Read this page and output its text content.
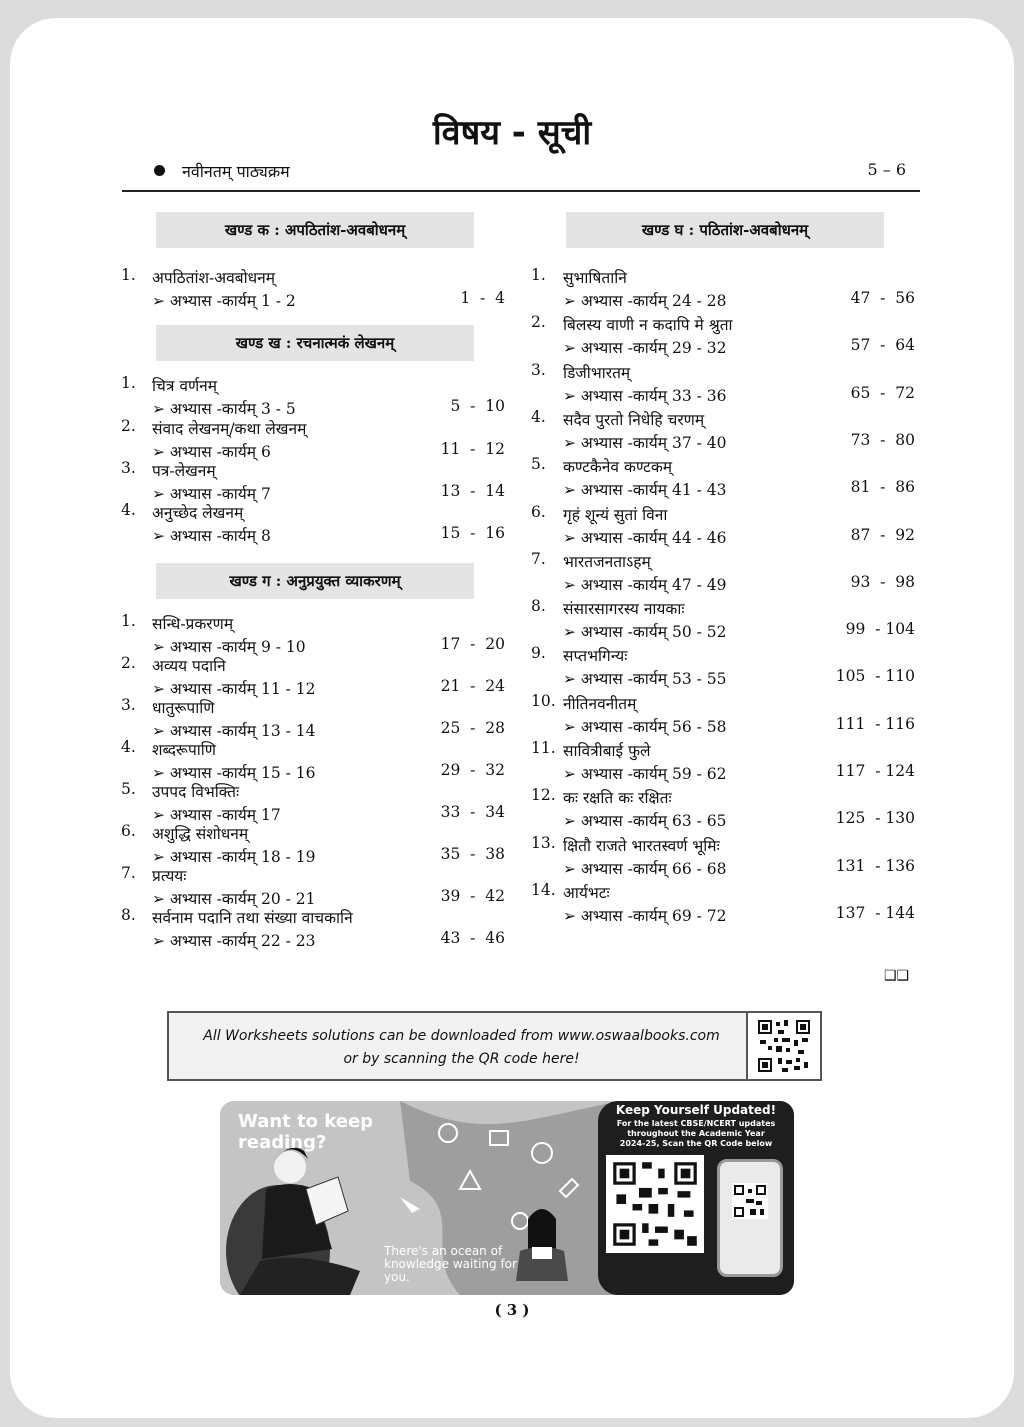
विषय - सूची
नवीनतम् पाठ्यक्रम	5 – 6
खण्ड क : अपठितांश-अवबोधनम्
1. अपठितांश-अवबोधनम्
➢ अभ्यास -कार्यम् 1 - 2	1  -  4
खण्ड ख : रचनात्मकं लेखनम्
1. चित्र वर्णनम्
➢ अभ्यास -कार्यम् 3 - 5	5  -  10
2. संवाद लेखनम्/कथा लेखनम्
➢ अभ्यास -कार्यम् 6	11  -  12
3. पत्र-लेखनम्
➢ अभ्यास -कार्यम् 7	13  -  14
4. अनुच्छेद लेखनम्
➢ अभ्यास -कार्यम् 8	15  -  16
खण्ड ग : अनुप्रयुक्त व्याकरणम्
1. सन्धि-प्रकरणम्
➢ अभ्यास -कार्यम् 9 - 10	17  -  20
2. अव्यय पदानि
➢ अभ्यास -कार्यम् 11 - 12	21  -  24
3. धातुरूपाणि
➢ अभ्यास -कार्यम् 13 - 14	25  -  28
4. शब्दरूपाणि
➢ अभ्यास -कार्यम् 15 - 16	29  -  32
5. उपपद विभक्तिः
➢ अभ्यास -कार्यम् 17	33  -  34
6. अशुद्धि संशोधनम्
➢ अभ्यास -कार्यम् 18 - 19	35  -  38
7. प्रत्ययः
➢ अभ्यास -कार्यम् 20 - 21	39  -  42
8. सर्वनाम पदानि तथा संख्या वाचकानि
➢ अभ्यास -कार्यम् 22 - 23	43  -  46
खण्ड घ : पठितांश-अवबोधनम्
1. सुभाषितानि
➢ अभ्यास -कार्यम् 24 - 28	47  -  56
2. बिलस्य वाणी न कदापि मे श्रुता
➢ अभ्यास -कार्यम् 29 - 32	57  -  64
3. डिजीभारतम्
➢ अभ्यास -कार्यम् 33 - 36	65  -  72
4. सदैव पुरतो निधेहि चरणम्
➢ अभ्यास -कार्यम् 37 - 40	73  -  80
5. कण्टकैनेव कण्टकम्
➢ अभ्यास -कार्यम् 41 - 43	81  -  86
6. गृहं शून्यं सुतां विना
➢ अभ्यास -कार्यम् 44 - 46	87  -  92
7. भारतजनताऽहम्
➢ अभ्यास -कार्यम् 47 - 49	93  -  98
8. संसारसागरस्य नायकाः
➢ अभ्यास -कार्यम् 50 - 52	99  - 104
9. सप्तभगिन्यः
➢ अभ्यास -कार्यम् 53 - 55	105  - 110
10. नीतिनवनीतम्
➢ अभ्यास -कार्यम् 56 - 58	111  - 116
11. सावित्रीबाई फुले
➢ अभ्यास -कार्यम् 59 - 62	117  - 124
12. कः रक्षति कः रक्षितः
➢ अभ्यास -कार्यम् 63 - 65	125  - 130
13. क्षितौ राजते भारतस्वर्ण भूमिः
➢ अभ्यास -कार्यम् 66 - 68	131  - 136
14. आर्यभटः
➢ अभ्यास -कार्यम् 69 - 72	137  - 144
❑❑
All Worksheets solutions can be downloaded from www.oswaalbooks.com
or by scanning the QR code here!
Want to keep reading?
There's an ocean of knowledge waiting for you.
Keep Yourself Updated!
For the latest CBSE/NCERT updates
throughout the Academic Year
2024-25, Scan the QR Code below
( 3 )
